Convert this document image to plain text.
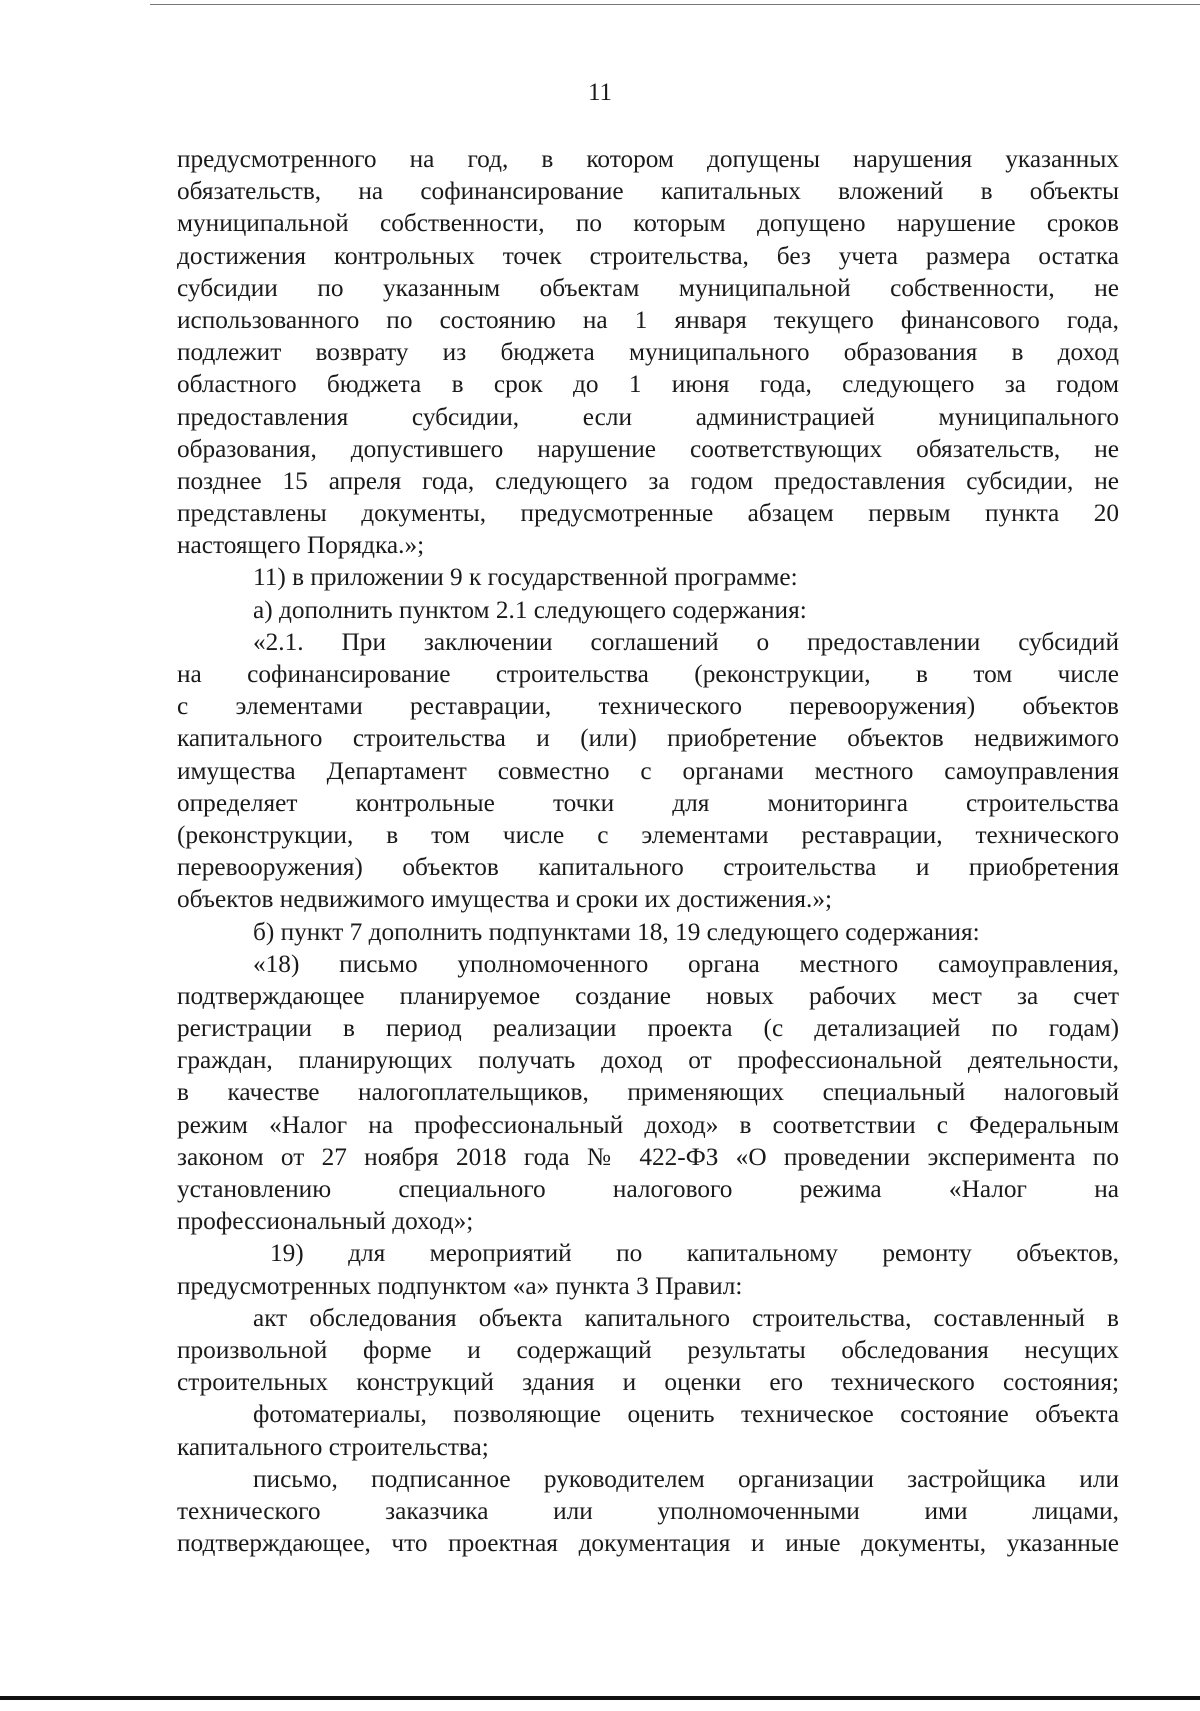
11
предусмотренного на год, в котором допущены нарушения указанных
обязательств, на софинансирование капитальных вложений в объекты
муниципальной собственности, по которым допущено нарушение сроков
достижения контрольных точек строительства, без учета размера остатка
субсидии по указанным объектам муниципальной собственности, не
использованного по состоянию на 1 января текущего финансового года,
подлежит возврату из бюджета муниципального образования в доход
областного бюджета в срок до 1 июня года, следующего за годом
предоставления субсидии, если администрацией муниципального
образования, допустившего нарушение соответствующих обязательств, не
позднее 15 апреля года, следующего за годом предоставления субсидии, не
представлены документы, предусмотренные абзацем первым пункта 20
настоящего Порядка.»;
11) в приложении 9 к государственной программе:
а) дополнить пунктом 2.1 следующего содержания:
«2.1. При заключении соглашений о предоставлении субсидий
на софинансирование строительства (реконструкции, в том числе
с элементами реставрации, технического перевооружения) объектов
капитального строительства и (или) приобретение объектов недвижимого
имущества Департамент совместно с органами местного самоуправления
определяет контрольные точки для мониторинга строительства
(реконструкции, в том числе с элементами реставрации, технического
перевооружения) объектов капитального строительства и приобретения
объектов недвижимого имущества и сроки их достижения.»;
б) пункт 7 дополнить подпунктами 18, 19 следующего содержания:
«18) письмо уполномоченного органа местного самоуправления,
подтверждающее планируемое создание новых рабочих мест за счет
регистрации в период реализации проекта (с детализацией по годам)
граждан, планирующих получать доход от профессиональной деятельности,
в качестве налогоплательщиков, применяющих специальный налоговый
режим «Налог на профессиональный доход» в соответствии с Федеральным
законом от 27 ноября 2018 года № 422-ФЗ «О проведении эксперимента по
установлению специального налогового режима «Налог на
профессиональный доход»;
19) для мероприятий по капитальному ремонту объектов,
предусмотренных подпунктом «а» пункта 3 Правил:
акт обследования объекта капитального строительства, составленный в
произвольной форме и содержащий результаты обследования несущих
строительных конструкций здания и оценки его технического состояния;
фотоматериалы, позволяющие оценить техническое состояние объекта
капитального строительства;
письмо, подписанное руководителем организации застройщика или
технического заказчика или уполномоченными ими лицами,
подтверждающее, что проектная документация и иные документы, указанные
